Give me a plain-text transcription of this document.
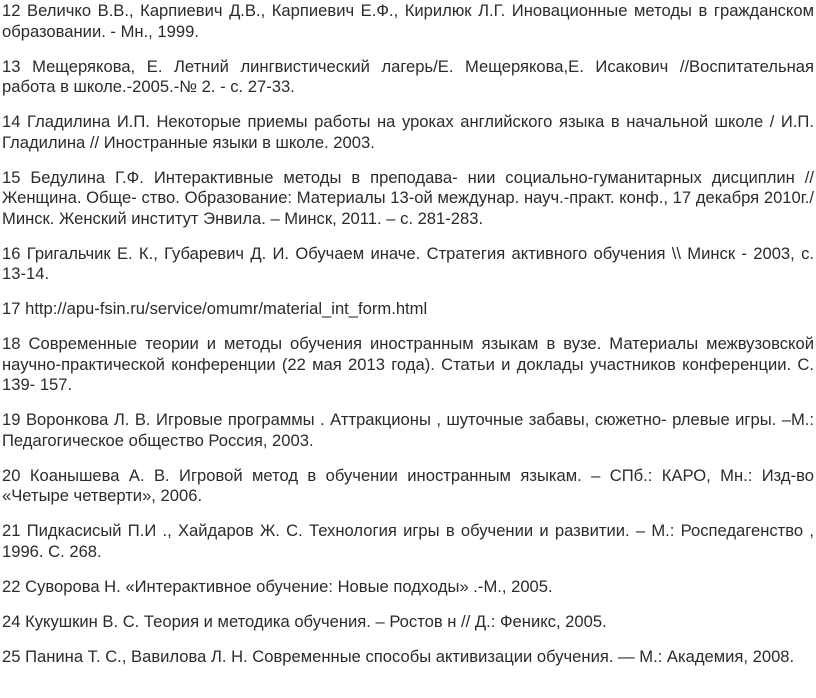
12 Величко В.В., Карпиевич Д.В., Карпиевич Е.Ф., Кирилюк Л.Г. Иновационные методы в гражданском образовании. - Мн., 1999.

13 Мещерякова, Е. Летний лингвистический лагерь/Е. Мещерякова,Е. Исакович //Воспитательная работа в школе.-2005.-№ 2. - с. 27-33.

14 Гладилина И.П. Некоторые приемы работы на уроках английского языка в начальной школе / И.П. Гладилина // Иностранные языки в школе. 2003.

15 Бедулина Г.Ф. Интерактивные методы в преподава- нии социально-гуманитарных дисциплин // Женщина. Обще- ство. Образование: Материалы 13-ой междунар. науч.-практ. конф., 17 декабря 2010г./Минск. Женский институт Энвила. – Минск, 2011. – с. 281-283.

16 Григальчик Е. К., Губаревич Д. И. Обучаем иначе. Стратегия активного обучения \\ Минск - 2003, с. 13-14.

17 http://apu-fsin.ru/service/omumr/material_int_form.html

18 Современные теории и методы обучения иностранным языкам в вузе. Материалы межвузовской научно-практической конференции (22 мая 2013 года). Статьи и доклады участников конференции. С. 139- 157.

19 Воронкова Л. В. Игровые программы . Аттракционы , шуточные забавы, сюжетно- рлевые игры. –М.: Педагогическое общество Россия, 2003.

20 Коанышева А. В. Игровой метод в обучении иностранным языкам. – СПб.: КАРО, Мн.: Изд-во «Четыре четверти», 2006.

21 Пидкасисый П.И ., Хайдаров Ж. С. Технология игры в обучении и развитии. – М.: Роспедагенство , 1996. С. 268.

22 Суворова Н. «Интерактивное обучение: Новые подходы» .-М., 2005.

24 Кукушкин В. С. Теория и методика обучения. – Ростов н // Д.: Феникс, 2005.

25 Панина Т. С., Вавилова Л. Н. Современные способы активизации обучения. — М.: Академия, 2008.
